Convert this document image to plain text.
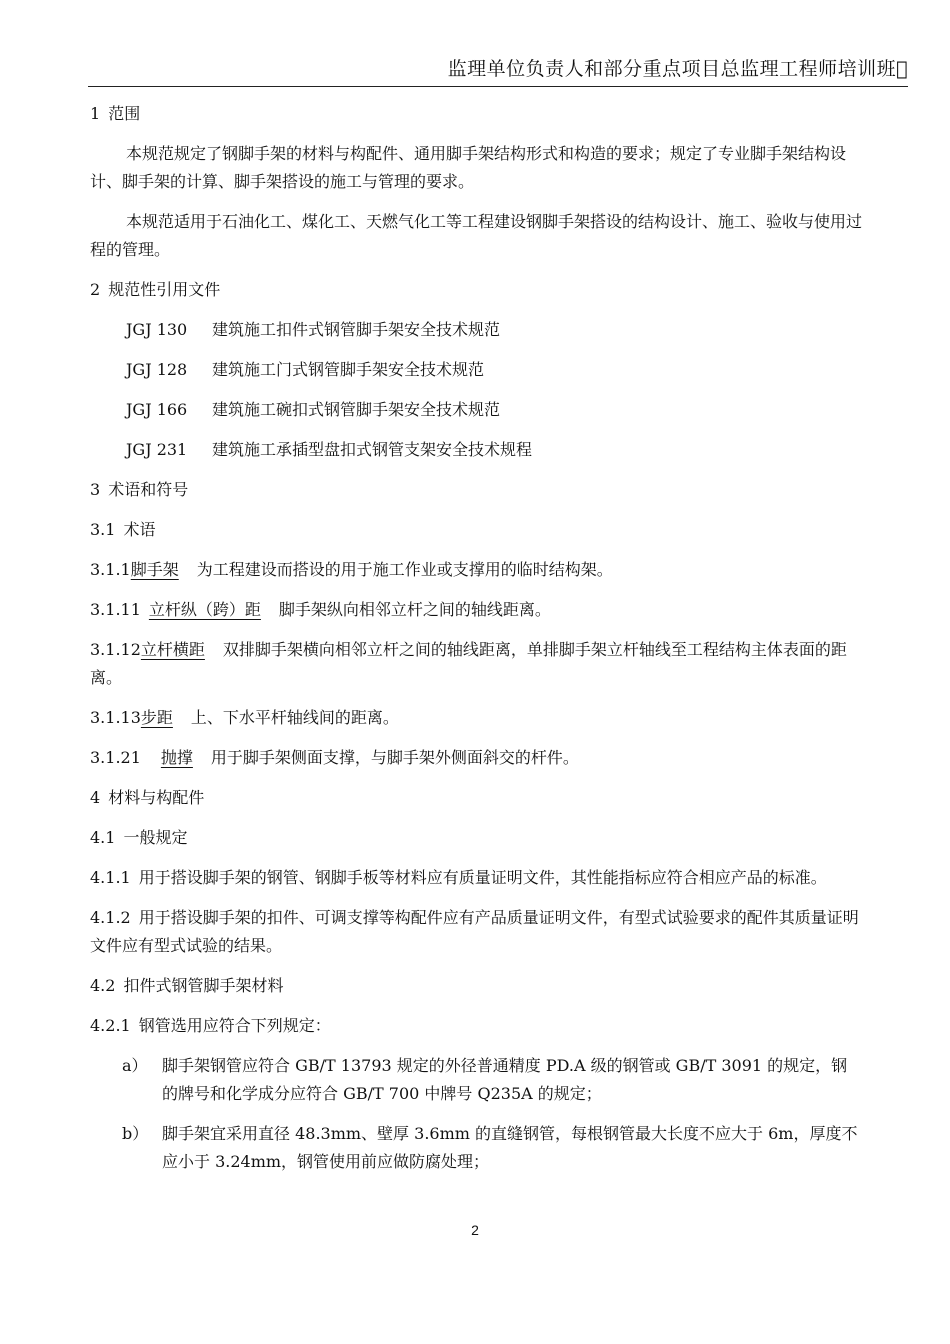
监理单位负责人和部分重点项目总监理工程师培训班 
1 范围
本规范规定了钢脚手架的材料与构配件、通用脚手架结构形式和构造的要求；规定了专业脚手架结构设计、脚手架的计算、脚手架搭设的施工与管理的要求。
本规范适用于石油化工、煤化工、天燃气化工等工程建设钢脚手架搭设的结构设计、施工、验收与使用过程的管理。
2 规范性引用文件
JGJ 130 建筑施工扣件式钢管脚手架安全技术规范
JGJ 128 建筑施工门式钢管脚手架安全技术规范
JGJ 166 建筑施工碗扣式钢管脚手架安全技术规范
JGJ 231 建筑施工承插型盘扣式钢管支架安全技术规程
3 术语和符号
3.1 术语
3.1.1脚手架 为工程建设而搭设的用于施工作业或支撑用的临时结构架。
3.1.11 立杆纵（跨）距 脚手架纵向相邻立杆之间的轴线距离。
3.1.12立杆横距 双排脚手架横向相邻立杆之间的轴线距离，单排脚手架立杆轴线至工程结构主体表面的距离。
3.1.13步距 上、下水平杆轴线间的距离。
3.1.21 抛撑 用于脚手架侧面支撑，与脚手架外侧面斜交的杆件。
4 材料与构配件
4.1 一般规定
4.1.1 用于搭设脚手架的钢管、钢脚手板等材料应有质量证明文件，其性能指标应符合相应产品的标准。
4.1.2 用于搭设脚手架的扣件、可调支撑等构配件应有产品质量证明文件，有型式试验要求的配件其质量证明文件应有型式试验的结果。
4.2 扣件式钢管脚手架材料
4.2.1 钢管选用应符合下列规定：
a） 脚手架钢管应符合 GB/T 13793 规定的外径普通精度 PD.A 级的钢管或 GB/T 3091 的规定，钢的牌号和化学成分应符合 GB/T 700 中牌号 Q235A 的规定；
b） 脚手架宜采用直径 48.3mm、壁厚 3.6mm 的直缝钢管，每根钢管最大长度不应大于 6m，厚度不应小于 3.24mm，钢管使用前应做防腐处理；
2
